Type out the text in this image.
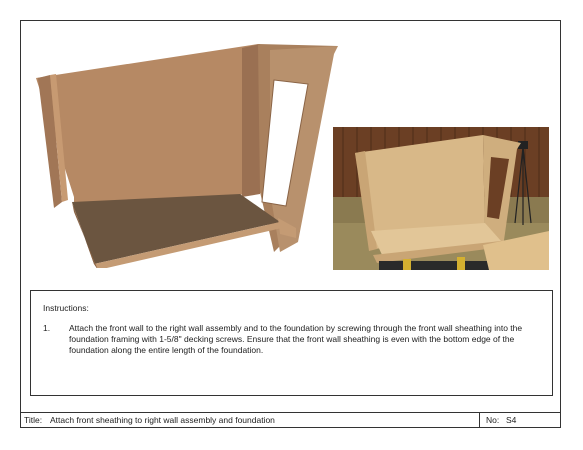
Instructions:

1. Attach the front wall to the right wall assembly and to the foundation by screwing through the front wall sheathing into the foundation framing with 1-5/8" decking screws. Ensure that the front wall sheathing is even with the bottom edge of the foundation along the entire length of the foundation.
Title: Attach front sheathing to right wall assembly and foundation	No: S4
